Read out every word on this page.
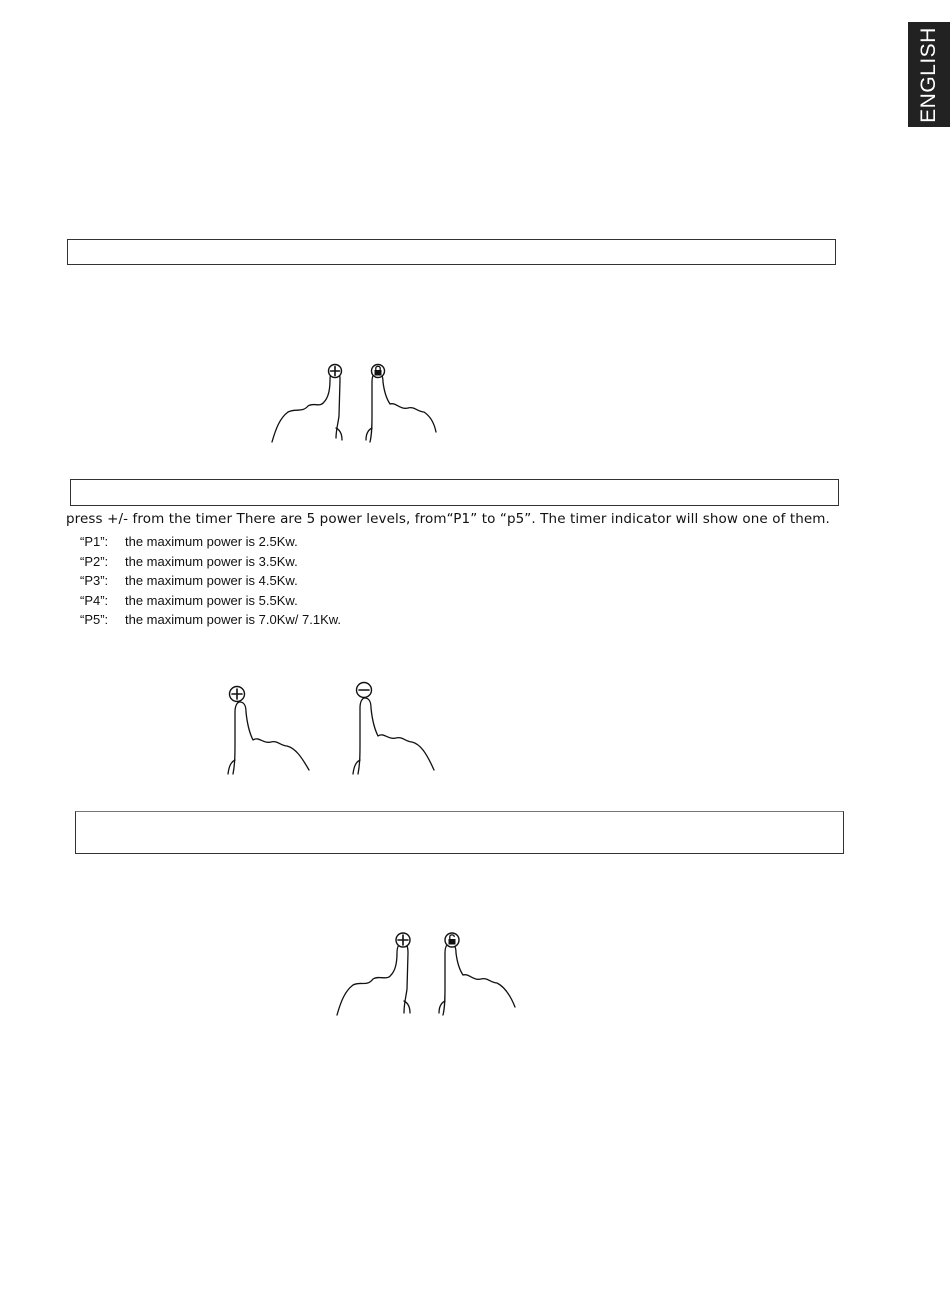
ENGLISH
press +/- from the timer There are 5 power levels, from“P1” to “p5”. The timer indicator will show one of them.
“P1”: the maximum power is 2.5Kw.
“P2”: the maximum power is 3.5Kw.
“P3”: the maximum power is 4.5Kw.
“P4”: the maximum power is 5.5Kw.
“P5”: the maximum power is 7.0Kw/ 7.1Kw.
